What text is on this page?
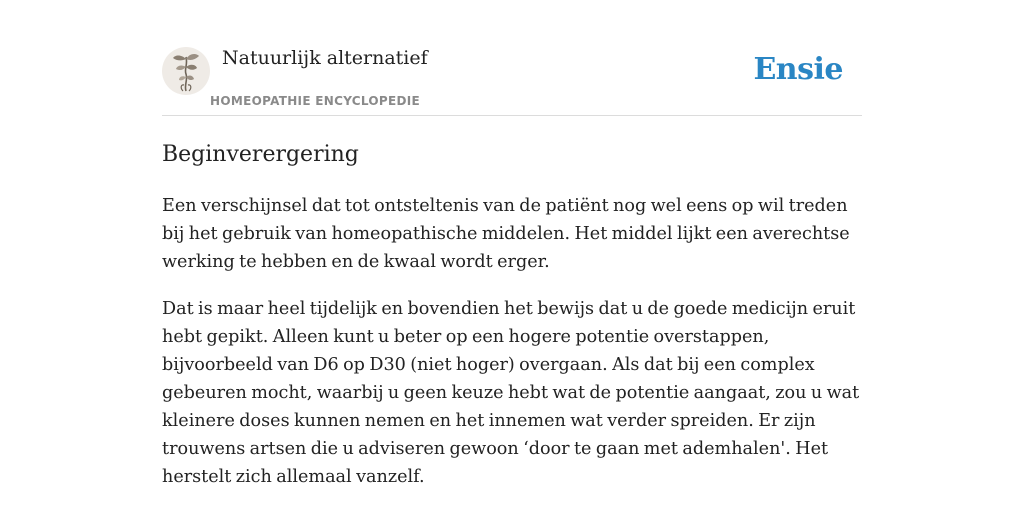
Natuurlijk alternatief
HOMEOPATHIE ENCYCLOPEDIE
Ensie
Beginverergering

Een verschijnsel dat tot ontsteltenis van de patiënt nog wel eens op wil treden bij het gebruik van homeopathische middelen. Het middel lijkt een averechtse werking te hebben en de kwaal wordt erger.

Dat is maar heel tijdelijk en bovendien het bewijs dat u de goede medicijn eruit hebt gepikt. Alleen kunt u beter op een hogere potentie overstappen, bijvoorbeeld van D6 op D30 (niet hoger) overgaan. Als dat bij een complex gebeuren mocht, waarbij u geen keuze hebt wat de potentie aangaat, zou u wat kleinere doses kunnen nemen en het innemen wat verder spreiden. Er zijn trouwens artsen die u adviseren gewoon ‘door te gaan met ademhalen'. Het herstelt zich allemaal vanzelf.
